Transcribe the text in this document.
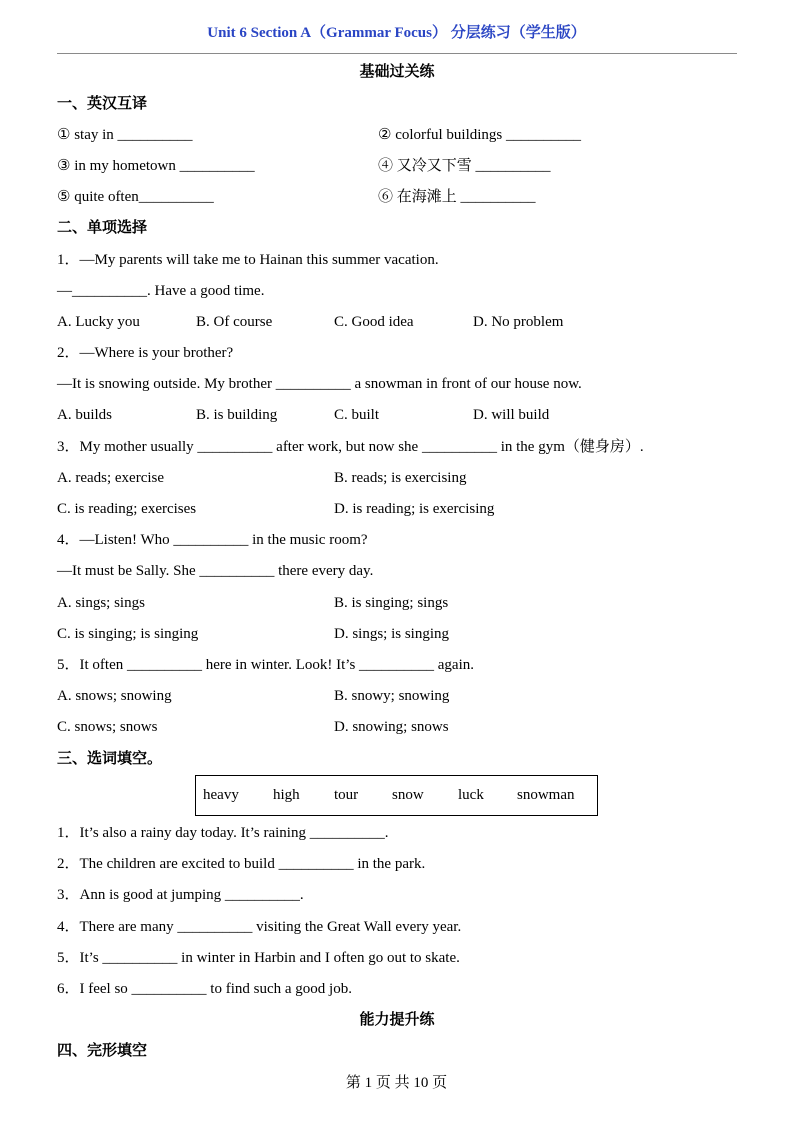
Unit 6 Section A（Grammar Focus） 分层练习（学生版）
基础过关练
一、英汉互译
① stay in __________	② colorful buildings __________
③ in my hometown __________	④ 又冷又下雪 __________
⑤ quite often__________	⑥ 在海滩上 __________
二、单项选择
1．—My parents will take me to Hainan this summer vacation.
—__________. Have a good time.
A. Lucky you	B. Of course	C. Good idea	D. No problem
2．—Where is your brother?
—It is snowing outside. My brother __________ a snowman in front of our house now.
A. builds	B. is building	C. built	D. will build
3．My mother usually __________ after work, but now she __________ in the gym（健身房）.
A. reads; exercise	B. reads; is exercising
C. is reading; exercises	D. is reading; is exercising
4．—Listen! Who __________ in the music room?
—It must be Sally. She __________ there every day.
A. sings; sings	B. is singing; sings
C. is singing; is singing	D. sings; is singing
5．It often __________ here in winter. Look! It’s __________ again.
A. snows; snowing	B. snowy; snowing
C. snows; snows	D. snowing; snows
三、选词填空。
heavy high tour snow luck snowman
1．It’s also a rainy day today. It’s raining __________.
2．The children are excited to build __________ in the park.
3．Ann is good at jumping __________.
4．There are many __________ visiting the Great Wall every year.
5．It’s __________ in winter in Harbin and I often go out to skate.
6．I feel so __________ to find such a good job.
能力提升练
四、完形填空
第 1 页 共 10 页
